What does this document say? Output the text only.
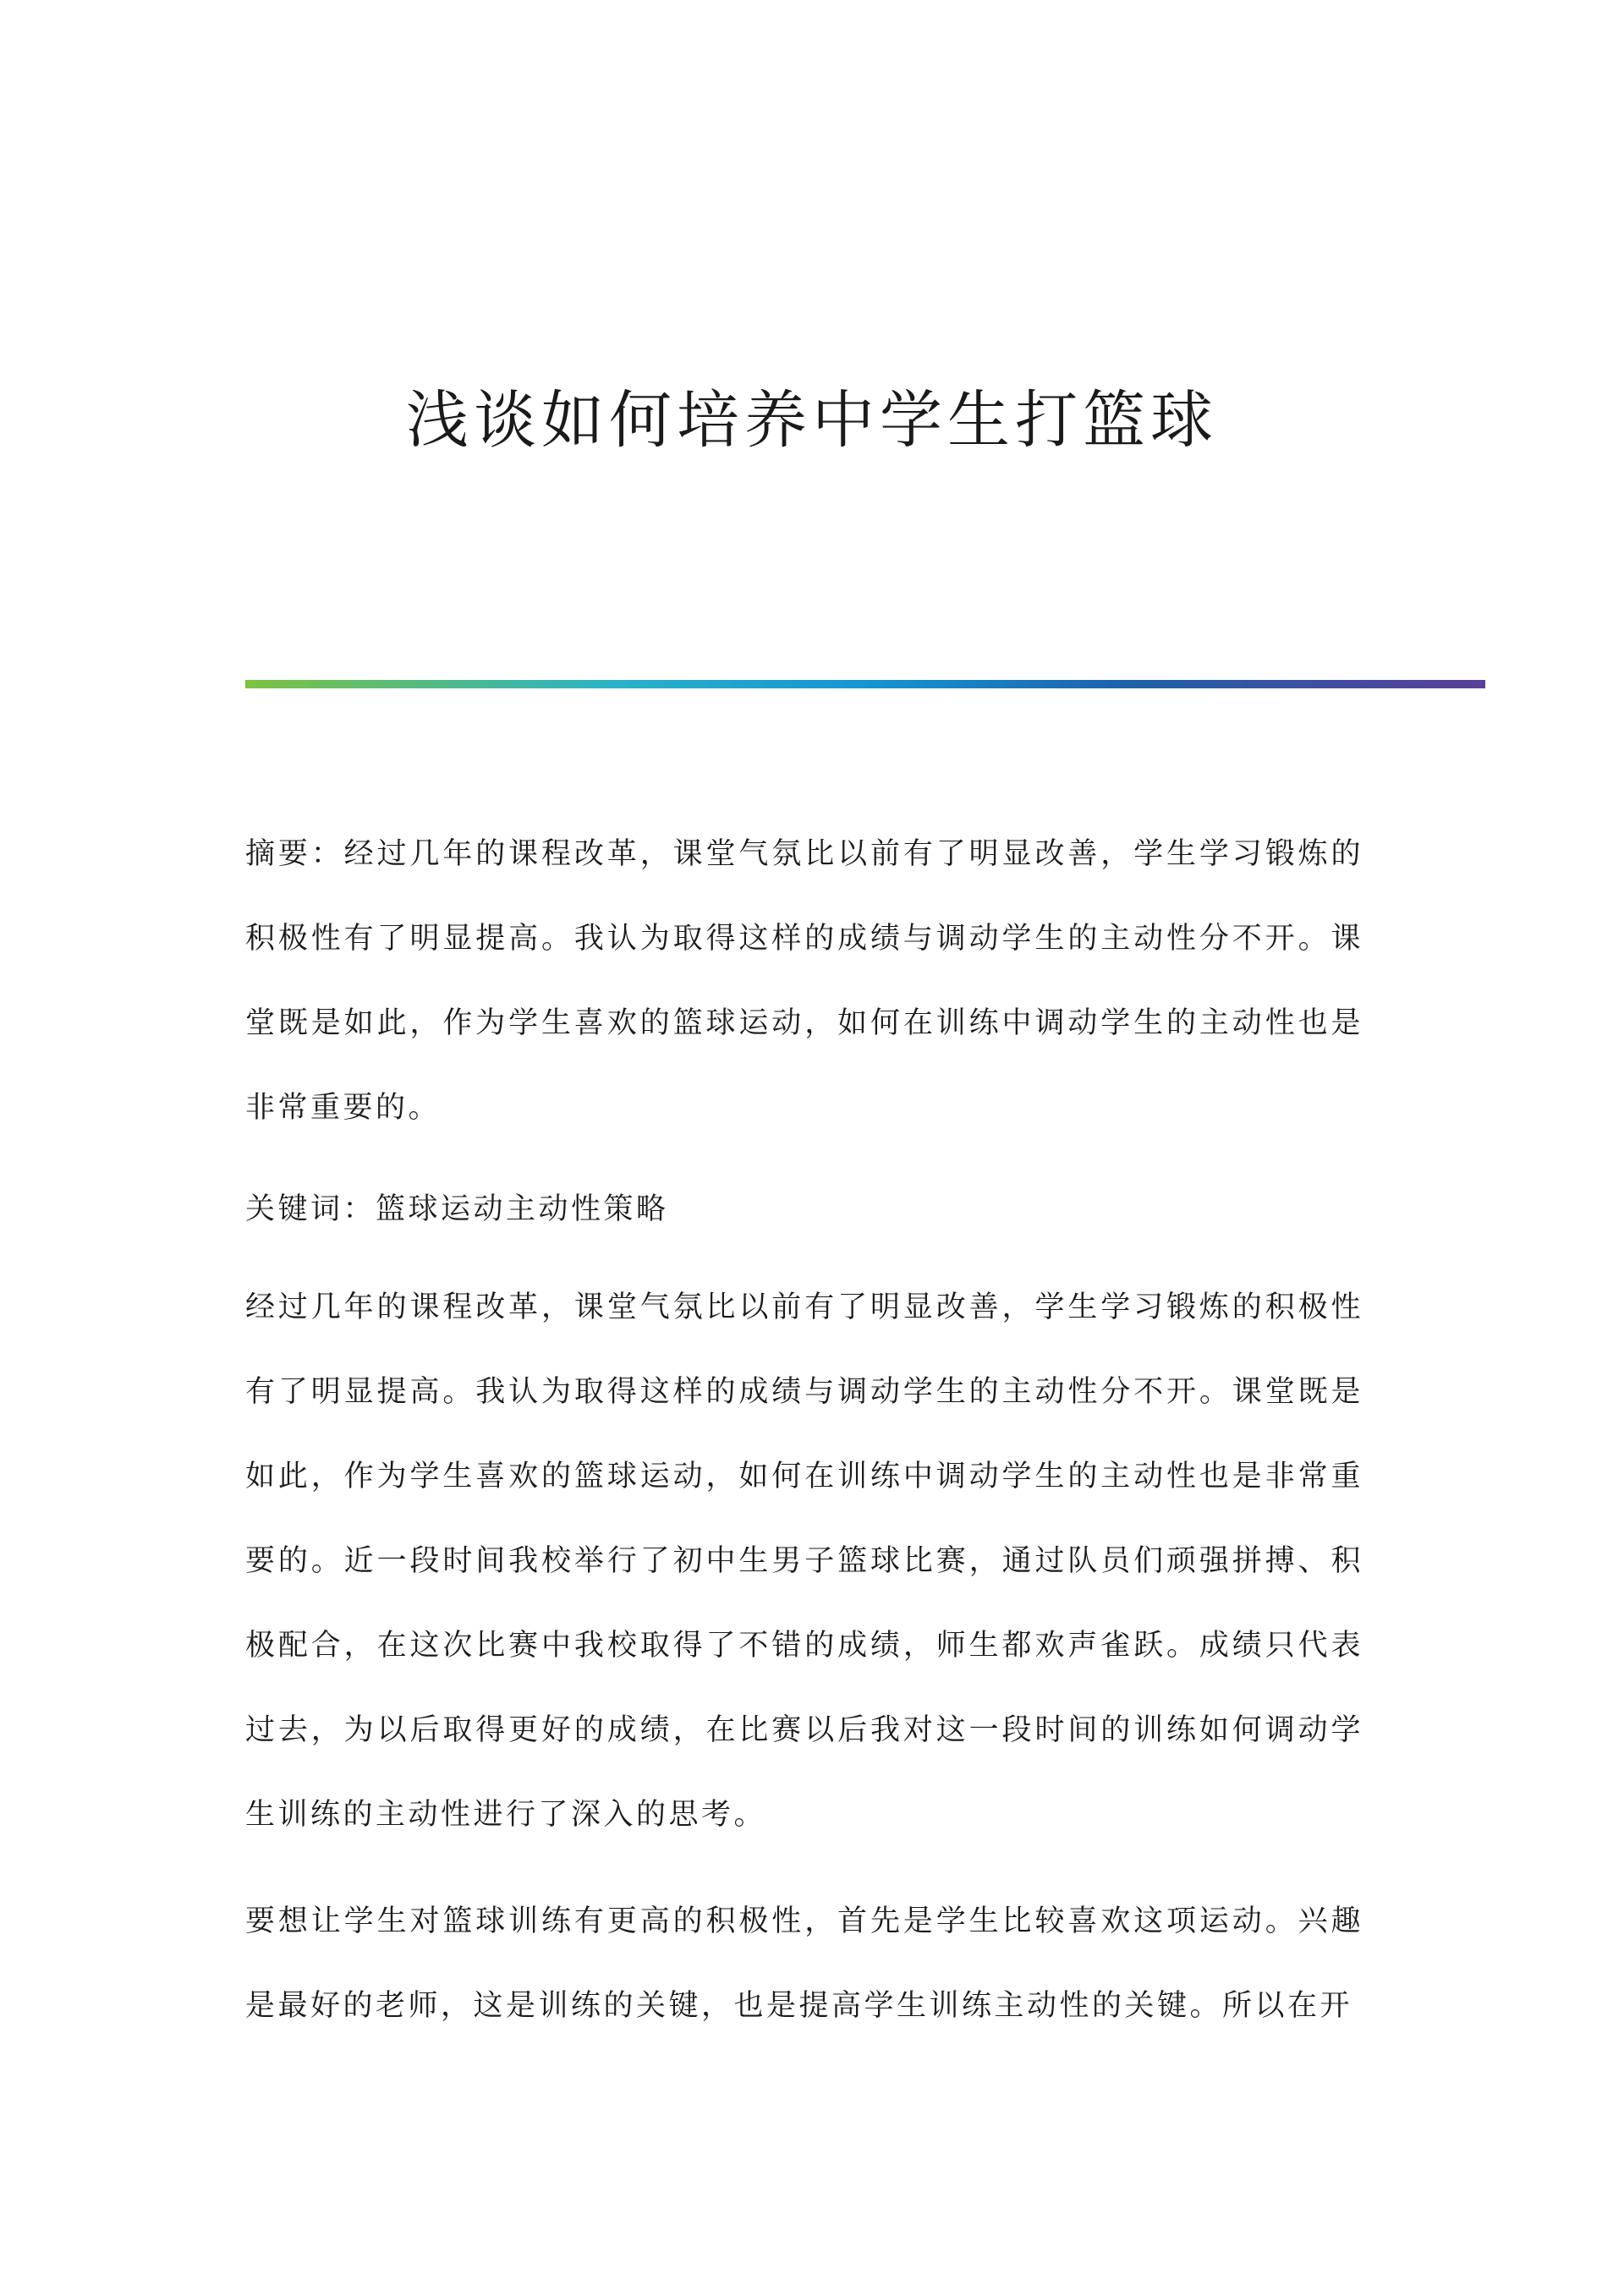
浅谈如何培养中学生打篮球

摘要：经过几年的课程改革，课堂气氛比以前有了明显改善，学生学习锻炼的积极性有了明显提高。我认为取得这样的成绩与调动学生的主动性分不开。课堂既是如此，作为学生喜欢的篮球运动，如何在训练中调动学生的主动性也是非常重要的。

关键词：篮球运动主动性策略

经过几年的课程改革，课堂气氛比以前有了明显改善，学生学习锻炼的积极性有了明显提高。我认为取得这样的成绩与调动学生的主动性分不开。课堂既是如此，作为学生喜欢的篮球运动，如何在训练中调动学生的主动性也是非常重要的。近一段时间我校举行了初中生男子篮球比赛，通过队员们顽强拼搏、积极配合，在这次比赛中我校取得了不错的成绩，师生都欢声雀跃。成绩只代表过去，为以后取得更好的成绩，在比赛以后我对这一段时间的训练如何调动学生训练的主动性进行了深入的思考。

要想让学生对篮球训练有更高的积极性，首先是学生比较喜欢这项运动。兴趣是最好的老师，这是训练的关键，也是提高学生训练主动性的关键。所以在开
